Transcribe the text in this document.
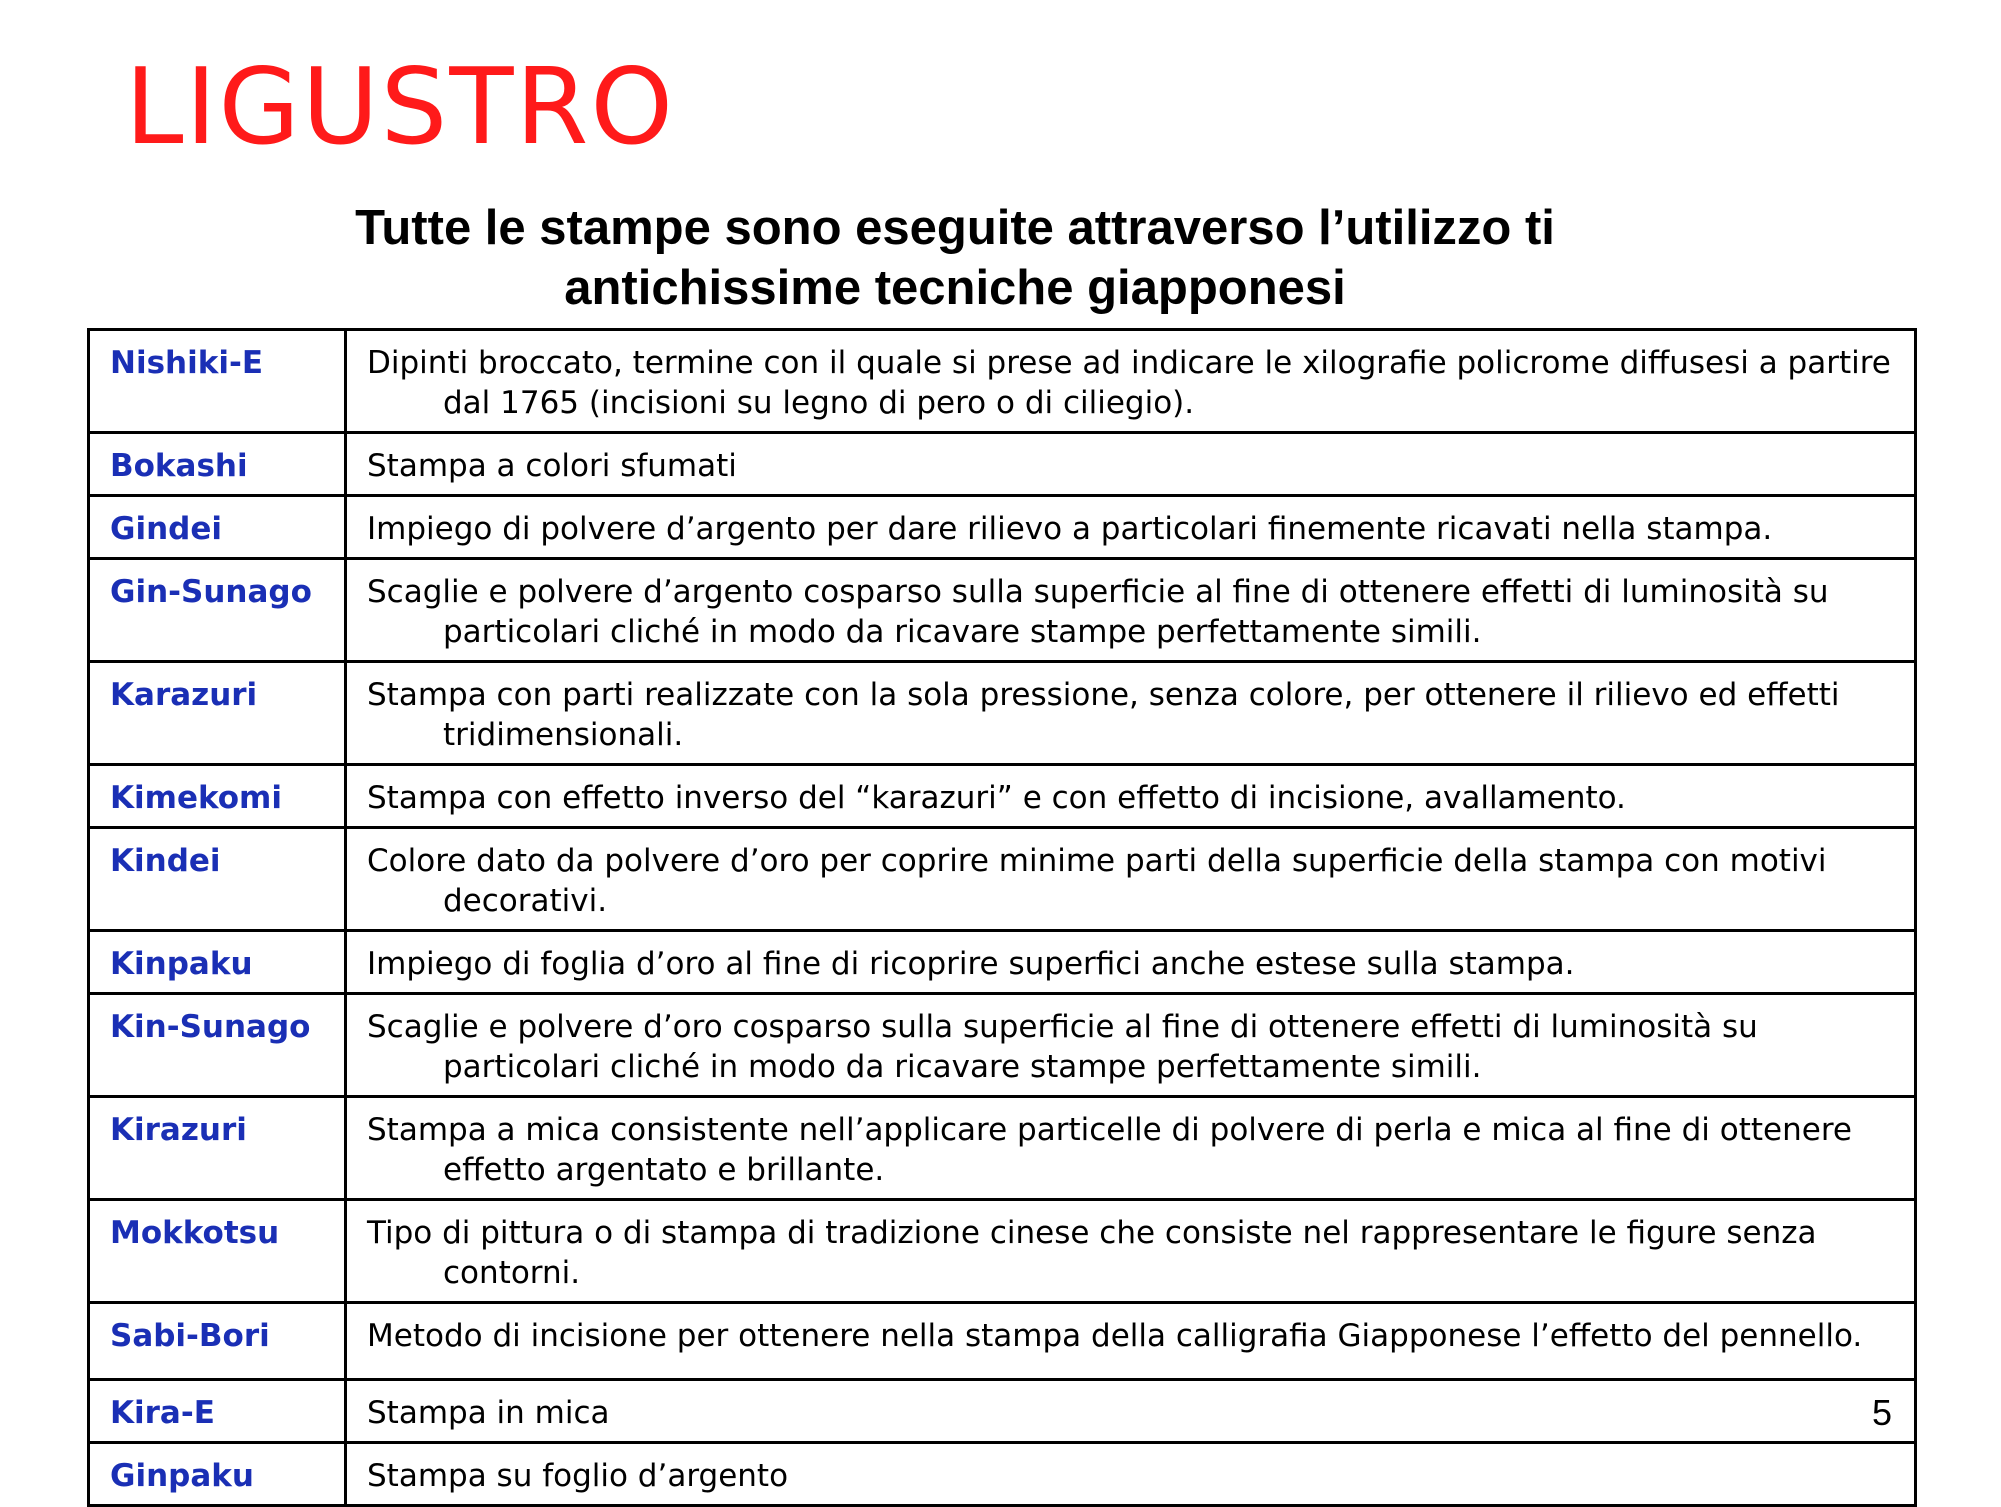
LIGUSTRO
Tutte le stampe sono eseguite attraverso l’utilizzo ti
antichissime tecniche giapponesi
Nishiki-E	Dipinti broccato, termine con il quale si prese ad indicare le xilografie policrome diffusesi a partire dal 1765 (incisioni su legno di pero o di ciliegio).

Bokashi	Stampa a colori sfumati

Gindei	Impiego di polvere d’argento per dare rilievo a particolari finemente ricavati nella stampa.

Gin-Sunago	Scaglie e polvere d’argento cosparso sulla superficie al fine di ottenere effetti di luminosità su particolari cliché in modo da ricavare stampe perfettamente simili.

Karazuri	Stampa con parti realizzate con la sola pressione, senza colore, per ottenere il rilievo ed effetti tridimensionali.

Kimekomi	Stampa con effetto inverso del “karazuri” e con effetto di incisione, avallamento.

Kindei	Colore dato da polvere d’oro per coprire minime parti della superficie della stampa con motivi decorativi.

Kinpaku	Impiego di foglia d’oro al fine di ricoprire superfici anche estese sulla stampa.

Kin-Sunago	Scaglie e polvere d’oro cosparso sulla superficie al fine di ottenere effetti di luminosità su particolari cliché in modo da ricavare stampe perfettamente simili.

Kirazuri	Stampa a mica consistente nell’applicare particelle di polvere di perla e mica al fine di ottenere effetto argentato e brillante.

Mokkotsu	Tipo di pittura o di stampa di tradizione cinese che consiste nel rappresentare le figure senza contorni.

Sabi-Bori	Metodo di incisione per ottenere nella stampa della calligrafia Giapponese l’effetto del pennello.

Kira-E	Stampa in mica

Ginpaku	Stampa su foglio d’argento
5
